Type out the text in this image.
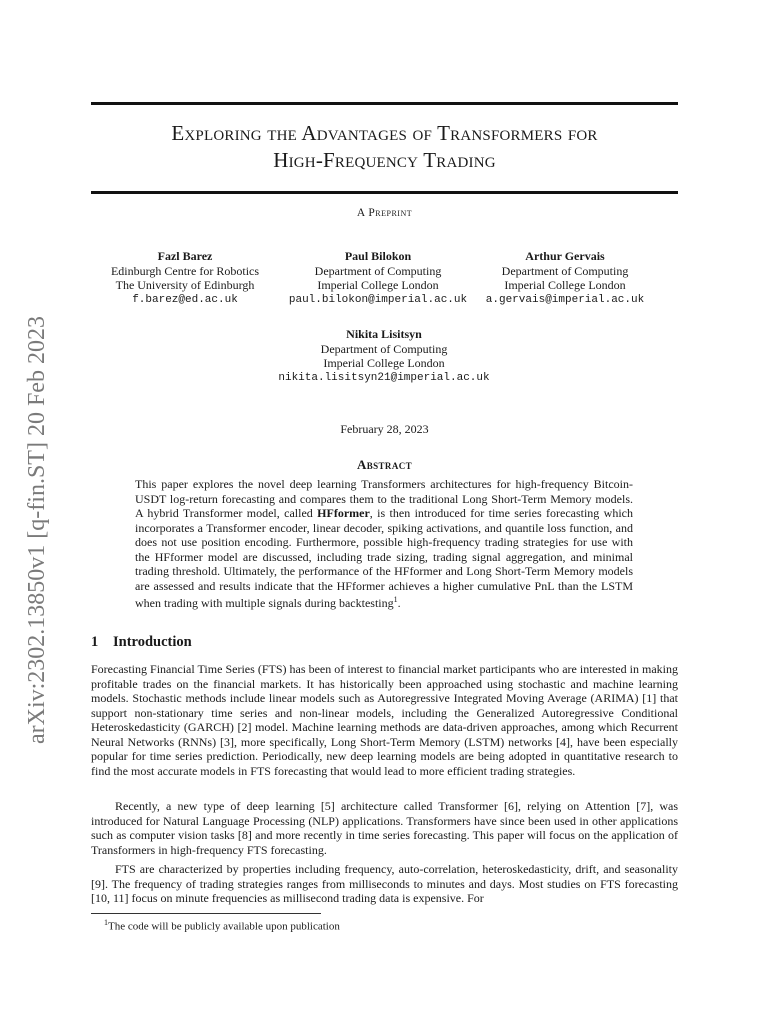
arXiv:2302.13850v1 [q-fin.ST] 20 Feb 2023
Exploring the Advantages of Transformers for
High-Frequency Trading
A Preprint
Fazl Barez
Edinburgh Centre for Robotics
The University of Edinburgh
f.barez@ed.ac.uk
Paul Bilokon
Department of Computing
Imperial College London
paul.bilokon@imperial.ac.uk
Arthur Gervais
Department of Computing
Imperial College London
a.gervais@imperial.ac.uk
Nikita Lisitsyn
Department of Computing
Imperial College London
nikita.lisitsyn21@imperial.ac.uk
February 28, 2023
Abstract
This paper explores the novel deep learning Transformers architectures for high-frequency Bitcoin-USDT log-return forecasting and compares them to the traditional Long Short-Term Memory models. A hybrid Transformer model, called HFformer, is then introduced for time series forecasting which incorporates a Transformer encoder, linear decoder, spiking activations, and quantile loss function, and does not use position encoding. Furthermore, possible high-frequency trading strategies for use with the HFformer model are discussed, including trade sizing, trading signal aggregation, and minimal trading threshold. Ultimately, the performance of the HFformer and Long Short-Term Memory models are assessed and results indicate that the HFformer achieves a higher cumulative PnL than the LSTM when trading with multiple signals during backtesting$^1$.
1 Introduction
Forecasting Financial Time Series (FTS) has been of interest to financial market participants who are interested in making profitable trades on the financial markets. It has historically been approached using stochastic and machine learning models. Stochastic methods include linear models such as Autoregressive Integrated Moving Average (ARIMA) [1] that support non-stationary time series and non-linear models, including the Generalized Autoregressive Conditional Heteroskedasticity (GARCH) [2] model. Machine learning methods are data-driven approaches, among which Recurrent Neural Networks (RNNs) [3], more specifically, Long Short-Term Memory (LSTM) networks [4], have been especially popular for time series prediction. Periodically, new deep learning models are being adopted in quantitative research to find the most accurate models in FTS forecasting that would lead to more efficient trading strategies.
Recently, a new type of deep learning [5] architecture called Transformer [6], relying on Attention [7], was introduced for Natural Language Processing (NLP) applications. Transformers have since been used in other applications such as computer vision tasks [8] and more recently in time series forecasting. This paper will focus on the application of Transformers in high-frequency FTS forecasting.
FTS are characterized by properties including frequency, auto-correlation, heteroskedasticity, drift, and seasonality [9]. The frequency of trading strategies ranges from milliseconds to minutes and days. Most studies on FTS forecasting [10, 11] focus on minute frequencies as millisecond trading data is expensive. For
$^1$The code will be publicly available upon publication
